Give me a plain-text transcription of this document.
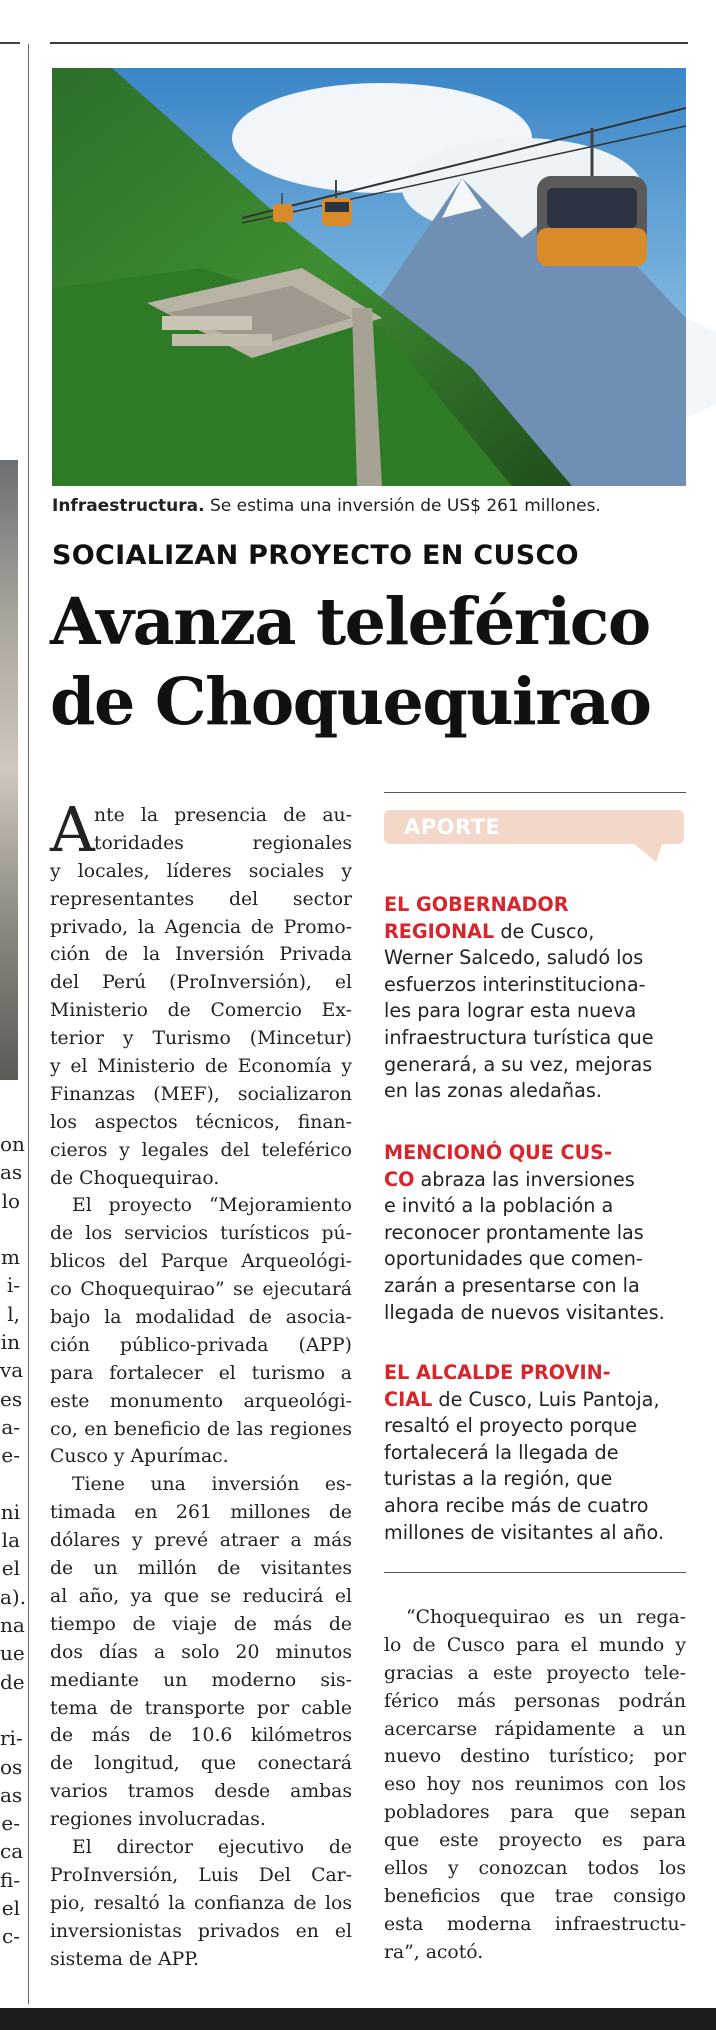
on
as
lo
m
i-
l,
in
va
es
a-
e-
ni
la
el
a).
na
ue
de
ri-
os
as
e-
ca
fi-
el
c-
Infraestructura. Se estima una inversión de US$ 261 millones.
SOCIALIZAN PROYECTO EN CUSCO
Avanza teleférico
de Choquequirao
A nte la presencia de au-
toridades regionales
y locales, líderes sociales y
representantes del sector
privado, la Agencia de Promo-
ción de la Inversión Privada
del Perú (ProInversión), el
Ministerio de Comercio Ex-
terior y Turismo (Mincetur)
y el Ministerio de Economía y
Finanzas (MEF), socializaron
los aspectos técnicos, finan-
cieros y legales del teleférico
de Choquequirao.
El proyecto “Mejoramiento
de los servicios turísticos pú-
blicos del Parque Arqueológi-
co Choquequirao” se ejecutará
bajo la modalidad de asocia-
ción público-privada (APP)
para fortalecer el turismo a
este monumento arqueológi-
co, en beneficio de las regiones
Cusco y Apurímac.
Tiene una inversión es-
timada en 261 millones de
dólares y prevé atraer a más
de un millón de visitantes
al año, ya que se reducirá el
tiempo de viaje de más de
dos días a solo 20 minutos
mediante un moderno sis-
tema de transporte por cable
de más de 10.6 kilómetros
de longitud, que conectará
varios tramos desde ambas
regiones involucradas.
El director ejecutivo de
ProInversión, Luis Del Car-
pio, resaltó la confianza de los
inversionistas privados en el
sistema de APP.
APORTE
EL GOBERNADOR
REGIONAL de Cusco,
Werner Salcedo, saludó los
esfuerzos interinstituciona-
les para lograr esta nueva
infraestructura turística que
generará, a su vez, mejoras
en las zonas aledañas.
MENCIONÓ QUE CUS-
CO abraza las inversiones
e invitó a la población a
reconocer prontamente las
oportunidades que comen-
zarán a presentarse con la
llegada de nuevos visitantes.
EL ALCALDE PROVIN-
CIAL de Cusco, Luis Pantoja,
resaltó el proyecto porque
fortalecerá la llegada de
turistas a la región, que
ahora recibe más de cuatro
millones de visitantes al año.
“Choquequirao es un rega-
lo de Cusco para el mundo y
gracias a este proyecto tele-
férico más personas podrán
acercarse rápidamente a un
nuevo destino turístico; por
eso hoy nos reunimos con los
pobladores para que sepan
que este proyecto es para
ellos y conozcan todos los
beneficios que trae consigo
esta moderna infraestructu-
ra”, acotó.
